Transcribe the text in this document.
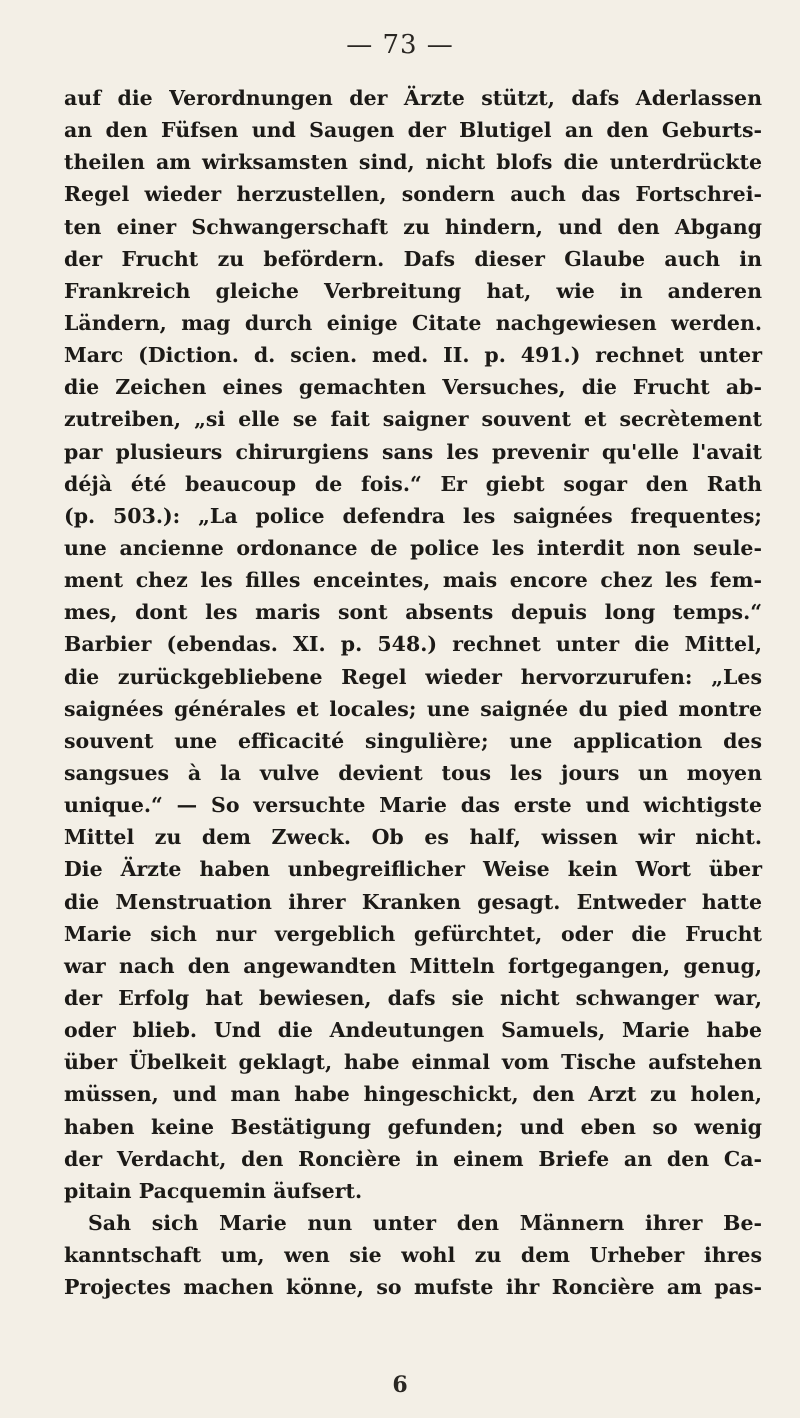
— 73 —
auf die Verordnungen der Ärzte stützt, dafs Aderlassen
an den Füfsen und Saugen der Blutigel an den Geburts-
theilen am wirksamsten sind, nicht blofs die unterdrückte
Regel wieder herzustellen, sondern auch das Fortschrei-
ten einer Schwangerschaft zu hindern, und den Abgang
der Frucht zu befördern. Dafs dieser Glaube auch in
Frankreich gleiche Verbreitung hat, wie in anderen
Ländern, mag durch einige Citate nachgewiesen werden.
Marc (Diction. d. scien. med. II. p. 491.) rechnet unter
die Zeichen eines gemachten Versuches, die Frucht ab-
zutreiben, „si elle se fait saigner souvent et secrètement
par plusieurs chirurgiens sans les prevenir qu'elle l'avait
déjà été beaucoup de fois.“ Er giebt sogar den Rath
(p. 503.): „La police defendra les saignées frequentes;
une ancienne ordonance de police les interdit non seule-
ment chez les filles enceintes, mais encore chez les fem-
mes, dont les maris sont absents depuis long temps.“
Barbier (ebendas. XI. p. 548.) rechnet unter die Mittel,
die zurückgebliebene Regel wieder hervorzurufen: „Les
saignées générales et locales; une saignée du pied montre
souvent une efficacité singulière; une application des
sangsues à la vulve devient tous les jours un moyen
unique.“ — So versuchte Marie das erste und wichtigste
Mittel zu dem Zweck. Ob es half, wissen wir nicht.
Die Ärzte haben unbegreiflicher Weise kein Wort über
die Menstruation ihrer Kranken gesagt. Entweder hatte
Marie sich nur vergeblich gefürchtet, oder die Frucht
war nach den angewandten Mitteln fortgegangen, genug,
der Erfolg hat bewiesen, dafs sie nicht schwanger war,
oder blieb. Und die Andeutungen Samuels, Marie habe
über Übelkeit geklagt, habe einmal vom Tische aufstehen
müssen, und man habe hingeschickt, den Arzt zu holen,
haben keine Bestätigung gefunden; und eben so wenig
der Verdacht, den Roncière in einem Briefe an den Ca-
pitain Pacquemin äufsert.
Sah sich Marie nun unter den Männern ihrer Be-
kanntschaft um, wen sie wohl zu dem Urheber ihres
Projectes machen könne, so mufste ihr Roncière am pas-
6
